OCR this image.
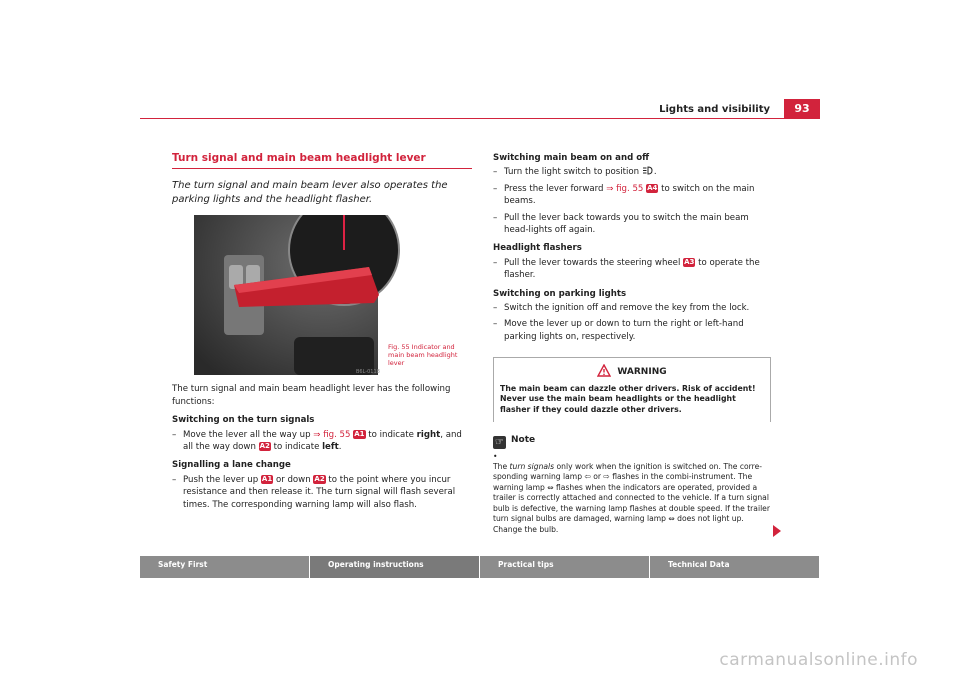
Lights and visibility	93
Turn signal and main beam headlight lever
The turn signal and main beam lever also operates the parking lights and the headlight flasher.
B6L-0118
Fig. 55 Indicator and main beam headlight lever

The turn signal and main beam headlight lever has the following functions:

Switching on the turn signals
– Move the lever all the way up ⇒ fig. 55 A1 to indicate right, and all the way down A2 to indicate left.
Signalling a lane change
– Push the lever up A1 or down A2 to the point where you incur resistance and then release it. The turn signal will flash several times. The corresponding warning lamp will also flash.
Switching main beam on and off
– Turn the light switch to position .
– Press the lever forward ⇒ fig. 55 A4 to switch on the main beams.
– Pull the lever back towards you to switch the main beam head-lights off again.
Headlight flashers
– Pull the lever towards the steering wheel A3 to operate the flasher.
Switching on parking lights
– Switch the ignition off and remove the key from the lock.
– Move the lever up or down to turn the right or left-hand parking lights on, respectively.
WARNING
The main beam can dazzle other drivers. Risk of accident! Never use the main beam headlights or the headlight flasher if they could dazzle other drivers.
☞ Note
•
The turn signals only work when the ignition is switched on. The corre-sponding warning lamp ⇦ or ⇨ flashes in the combi-instrument. The warning lamp ⇔ flashes when the indicators are operated, provided a trailer is correctly attached and connected to the vehicle. If a turn signal bulb is defective, the warning lamp flashes at double speed. If the trailer turn signal bulbs are damaged, warning lamp ⇔ does not light up. Change the bulb.
Safety First	Operating instructions	Practical tips	Technical Data
carmanualsonline.info
